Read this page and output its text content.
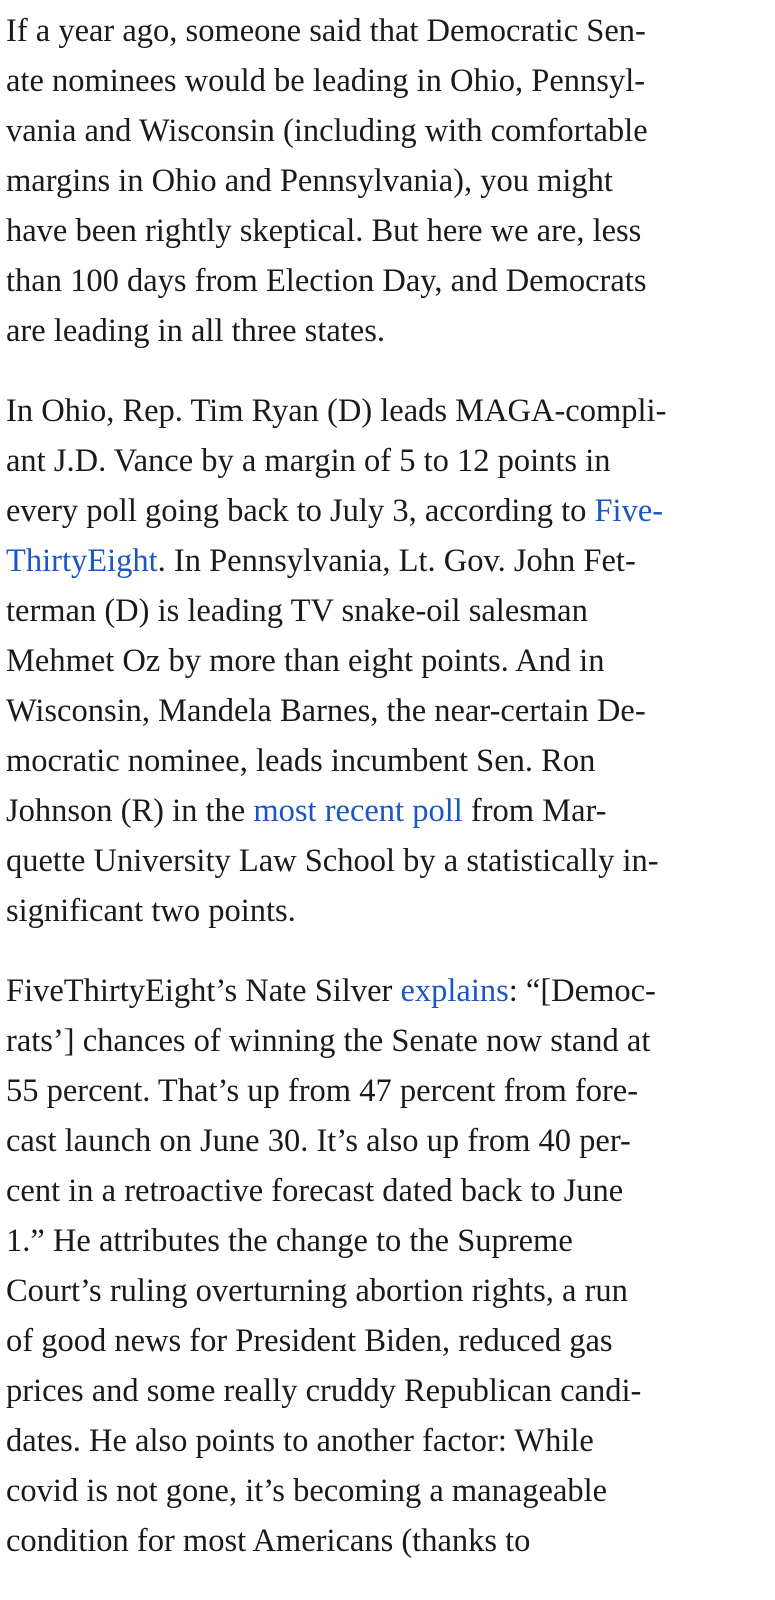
If a year ago, someone said that Democratic Sen-
ate nominees would be leading in Ohio, Pennsyl-
vania and Wisconsin (including with comfortable
margins in Ohio and Pennsylvania), you might
have been rightly skeptical. But here we are, less
than 100 days from Election Day, and Democrats
are leading in all three states.

In Ohio, Rep. Tim Ryan (D) leads MAGA-compli-
ant J.D. Vance by a margin of 5 to 12 points in
every poll going back to July 3, according to Five-
ThirtyEight. In Pennsylvania, Lt. Gov. John Fet-
terman (D) is leading TV snake-oil salesman
Mehmet Oz by more than eight points. And in
Wisconsin, Mandela Barnes, the near-certain De-
mocratic nominee, leads incumbent Sen. Ron
Johnson (R) in the most recent poll from Mar-
quette University Law School by a statistically in-
significant two points.

FiveThirtyEight’s Nate Silver explains: “[Democ-
rats’] chances of winning the Senate now stand at
55 percent. That’s up from 47 percent from fore-
cast launch on June 30. It’s also up from 40 per-
cent in a retroactive forecast dated back to June
1.” He attributes the change to the Supreme
Court’s ruling overturning abortion rights, a run
of good news for President Biden, reduced gas
prices and some really cruddy Republican candi-
dates. He also points to another factor: While
covid is not gone, it’s becoming a manageable
condition for most Americans (thanks to
